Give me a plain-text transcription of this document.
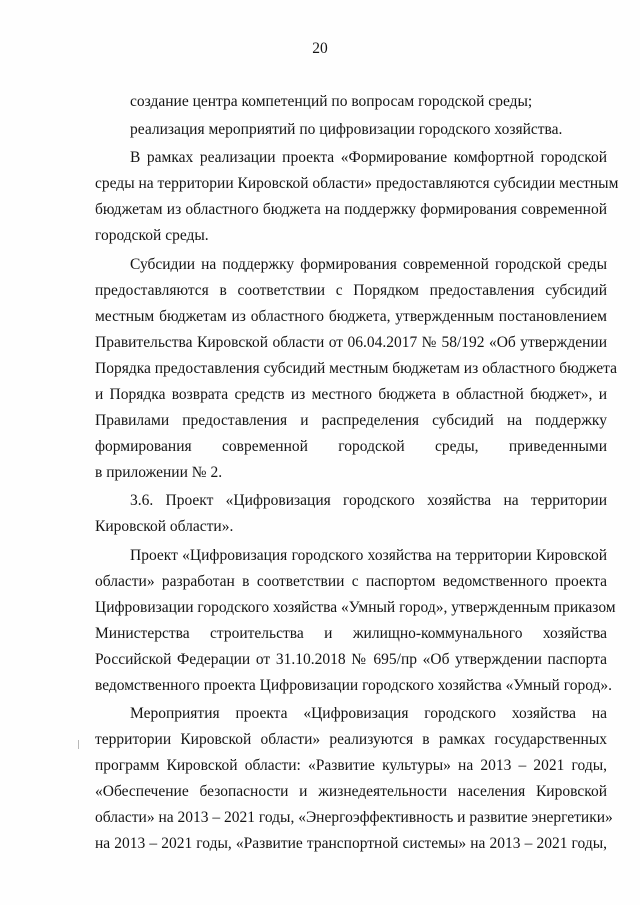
20
создание центра компетенций по вопросам городской среды;
реализация мероприятий по цифровизации городского хозяйства.
В рамках реализации проекта «Формирование комфортной городской
среды на территории Кировской области» предоставляются субсидии местным
бюджетам из областного бюджета на поддержку формирования современной
городской среды.
Субсидии на поддержку формирования современной городской среды
предоставляются в соответствии с Порядком предоставления субсидий
местным бюджетам из областного бюджета, утвержденным постановлением
Правительства Кировской области от 06.04.2017 № 58/192 «Об утверждении
Порядка предоставления субсидий местным бюджетам из областного бюджета
и Порядка возврата средств из местного бюджета в областной бюджет», и
Правилами предоставления и распределения субсидий на поддержку
формирования современной городской среды, приведенными
в приложении № 2.
3.6. Проект «Цифровизация городского хозяйства на территории
Кировской области».
Проект «Цифровизация городского хозяйства на территории Кировской
области» разработан в соответствии с паспортом ведомственного проекта
Цифровизации городского хозяйства «Умный город», утвержденным приказом
Министерства строительства и жилищно-коммунального хозяйства
Российской Федерации от 31.10.2018 № 695/пр «Об утверждении паспорта
ведомственного проекта Цифровизации городского хозяйства «Умный город».
Мероприятия проекта «Цифровизация городского хозяйства на
территории Кировской области» реализуются в рамках государственных
программ Кировской области: «Развитие культуры» на 2013 – 2021 годы,
«Обеспечение безопасности и жизнедеятельности населения Кировской
области» на 2013 – 2021 годы, «Энергоэффективность и развитие энергетики»
на 2013 – 2021 годы, «Развитие транспортной системы» на 2013 – 2021 годы,
